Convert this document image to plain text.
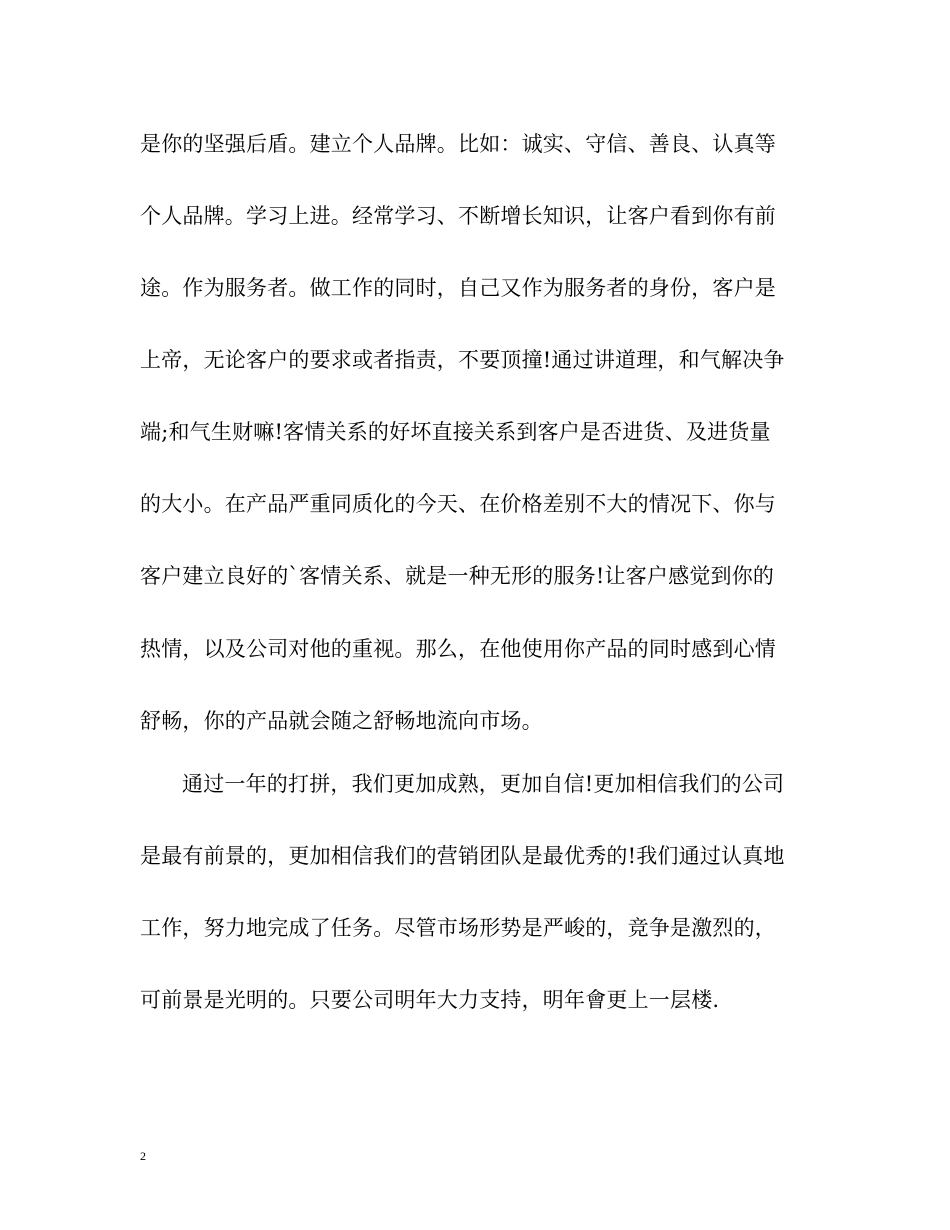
是你的坚强后盾。建立个人品牌。比如：诚实、守信、善良、认真等
个人品牌。学习上进。经常学习、不断增长知识，让客户看到你有前
途。作为服务者。做工作的同时，自己又作为服务者的身份，客户是
上帝，无论客户的要求或者指责，不要顶撞!通过讲道理，和气解决争
端;和气生财嘛!客情关系的好坏直接关系到客户是否进货、及进货量
的大小。在产品严重同质化的今天、在价格差别不大的情况下、你与
客户建立良好的`客情关系、就是一种无形的服务!让客户感觉到你的
热情，以及公司对他的重视。那么，在他使用你产品的同时感到心情
舒畅，你的产品就会随之舒畅地流向市场。
通过一年的打拼，我们更加成熟，更加自信!更加相信我们的公司
是最有前景的，更加相信我们的营销团队是最优秀的!我们通过认真地
工作，努力地完成了任务。尽管市场形势是严峻的，竞争是激烈的，
可前景是光明的。只要公司明年大力支持，明年會更上一层楼.
2
